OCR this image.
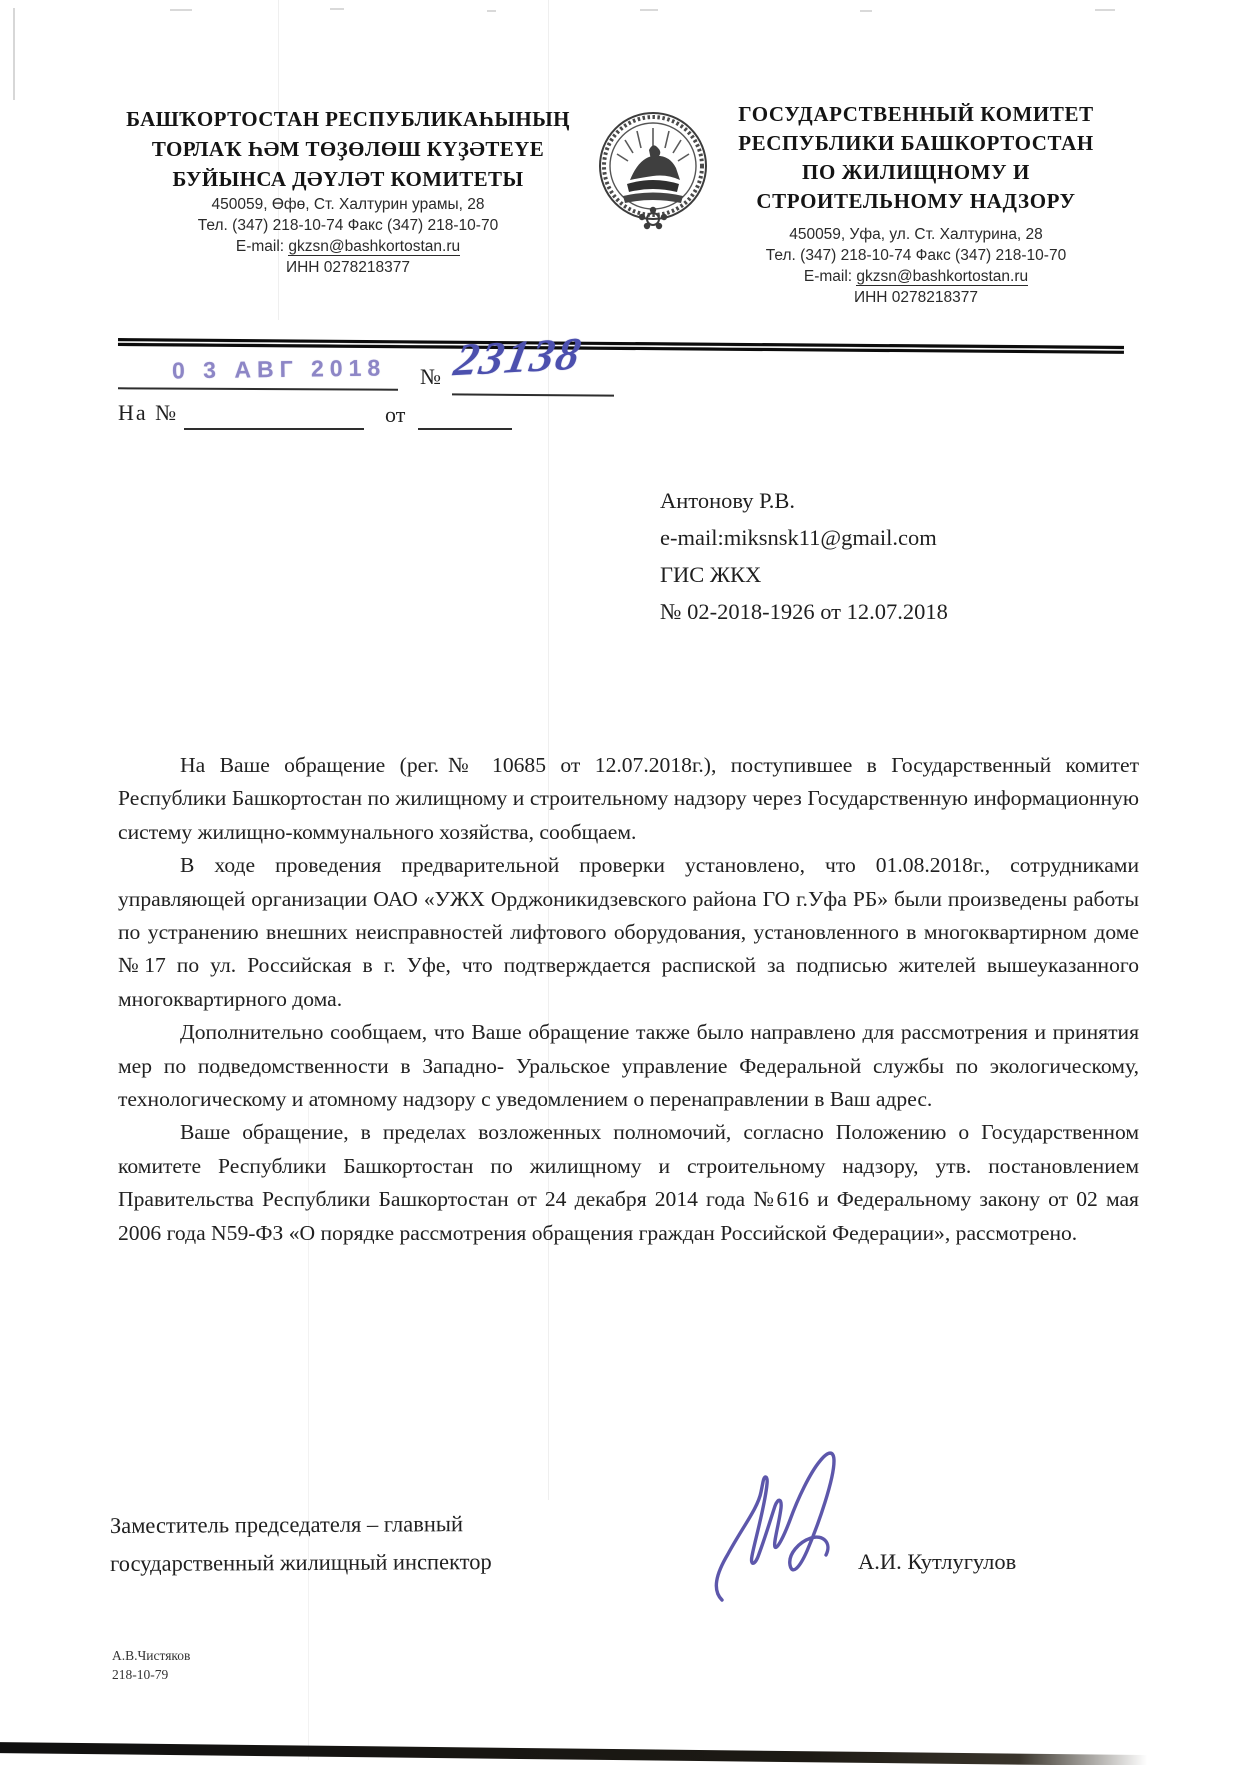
БАШҠОРТОСТАН РЕСПУБЛИКАҺЫНЫҢ
ТОРЛАҠ ҺӘМ ТӨҘӨЛӨШ КҮҘӘТЕҮЕ
БУЙЫНСА ДӘҮЛӘТ КОМИТЕТЫ
450059, Өфө, Ст. Халтурин урамы, 28
Тел. (347) 218-10-74 Факс (347) 218-10-70
E-mail: gkzsn@bashkortostan.ru
ИНН 0278218377
ГОСУДАРСТВЕННЫЙ КОМИТЕТ
РЕСПУБЛИКИ БАШКОРТОСТАН
ПО ЖИЛИЩНОМУ И
СТРОИТЕЛЬНОМУ НАДЗОРУ
450059, Уфа, ул. Ст. Халтурина, 28
Тел. (347) 218-10-74 Факс (347) 218-10-70
E-mail: gkzsn@bashkortostan.ru
ИНН 0278218377
0 3 АВГ 2018 № 23138
На №	от
Антонову Р.В.
e-mail:miksnsk11@gmail.com
ГИС ЖКХ
№ 02-2018-1926 от 12.07.2018

На Ваше обращение (рег.№ 10685 от 12.07.2018г.), поступившее в Государственный комитет Республики Башкортостан по жилищному и строительному надзору через Государственную информационную систему жилищно-коммунального хозяйства, сообщаем.

В ходе проведения предварительной проверки установлено, что 01.08.2018г., сотрудниками управляющей организации ОАО «УЖХ Орджоникидзевского района ГО г.Уфа РБ» были произведены работы по устранению внешних неисправностей лифтового оборудования, установленного в многоквартирном доме №17 по ул. Российская в г. Уфе, что подтверждается распиской за подписью жителей вышеуказанного многоквартирного дома.

Дополнительно сообщаем, что Ваше обращение также было направлено для рассмотрения и принятия мер по подведомственности в Западно- Уральское управление Федеральной службы по экологическому, технологическому и атомному надзору с уведомлением о перенаправлении в Ваш адрес.

Ваше обращение, в пределах возложенных полномочий, согласно Положению о Государственном комитете Республики Башкортостан по жилищному и строительному надзору, утв. постановлением Правительства Республики Башкортостан от 24 декабря 2014 года №616 и Федеральному закону от 02 мая 2006 года N59-ФЗ «О порядке рассмотрения обращения граждан Российской Федерации», рассмотрено.

Заместитель председателя – главный
государственный жилищный инспектор	А.И. Кутлугулов
А.В.Чистяков
218-10-79
